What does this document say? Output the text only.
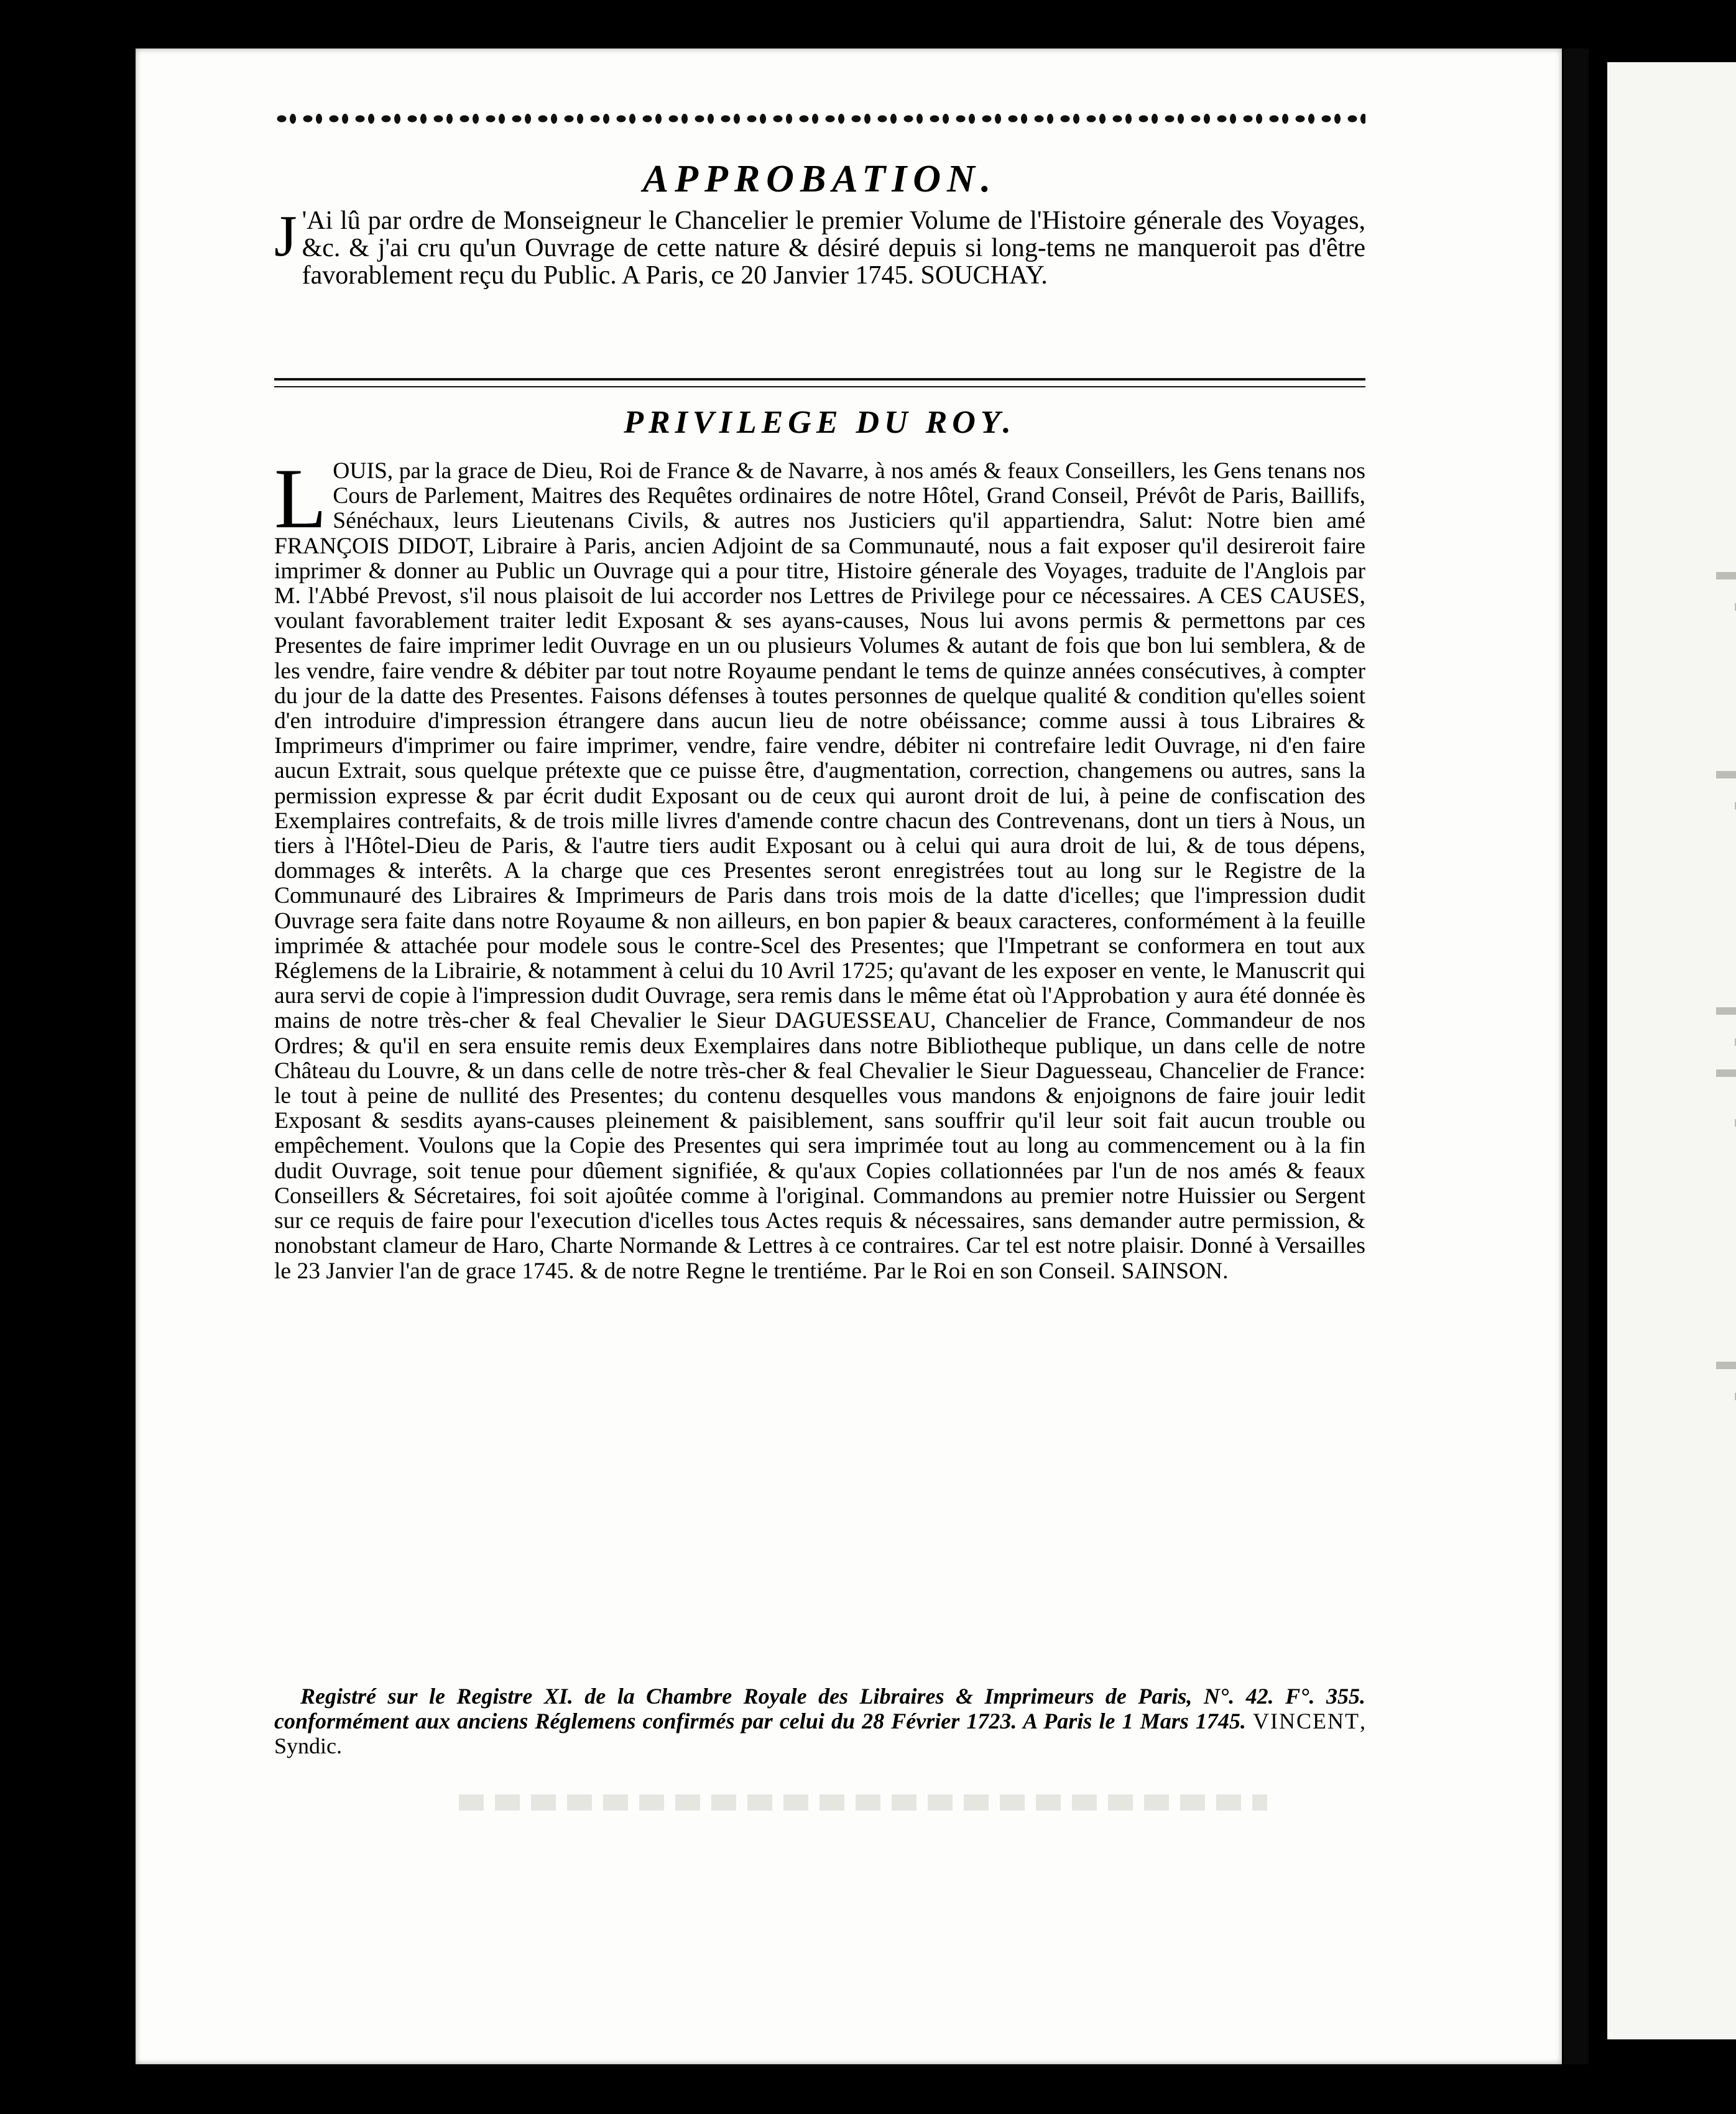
APPROBATION.
J 'Ai lû par ordre de Monseigneur le Chancelier le premier Volume de l'Histoire génerale des Voyages, &c. & j'ai cru qu'un Ouvrage de cette nature & désiré depuis si long-tems ne manqueroit pas d'être favorablement reçu du Public. A Paris, ce 20 Janvier 1745. SOUCHAY.
PRIVILEGE DU ROY.
L OUIS, par la grace de Dieu, Roi de France & de Navarre, à nos amés & feaux Conseillers, les Gens tenans nos Cours de Parlement, Maitres des Requêtes ordinaires de notre Hôtel, Grand Conseil, Prévôt de Paris, Baillifs, Sénéchaux, leurs Lieutenans Civils, & autres nos Justiciers qu'il appartiendra, Salut: Notre bien amé FRANÇOIS DIDOT, Libraire à Paris, ancien Adjoint de sa Communauté, nous a fait exposer qu'il desireroit faire imprimer & donner au Public un Ouvrage qui a pour titre, Histoire génerale des Voyages, traduite de l'Anglois par M. l'Abbé Prevost, s'il nous plaisoit de lui accorder nos Lettres de Privilege pour ce nécessaires. A CES CAUSES, voulant favorablement traiter ledit Exposant & ses ayans-causes, Nous lui avons permis & permettons par ces Presentes de faire imprimer ledit Ouvrage en un ou plusieurs Volumes & autant de fois que bon lui semblera, & de les vendre, faire vendre & débiter par tout notre Royaume pendant le tems de quinze années consécutives, à compter du jour de la datte des Presentes. Faisons défenses à toutes personnes de quelque qualité & condition qu'elles soient d'en introduire d'impression étrangere dans aucun lieu de notre obéissance; comme aussi à tous Libraires & Imprimeurs d'imprimer ou faire imprimer, vendre, faire vendre, débiter ni contrefaire ledit Ouvrage, ni d'en faire aucun Extrait, sous quelque prétexte que ce puisse être, d'augmentation, correction, changemens ou autres, sans la permission expresse & par écrit dudit Exposant ou de ceux qui auront droit de lui, à peine de confiscation des Exemplaires contrefaits, & de trois mille livres d'amende contre chacun des Contrevenans, dont un tiers à Nous, un tiers à l'Hôtel-Dieu de Paris, & l'autre tiers audit Exposant ou à celui qui aura droit de lui, & de tous dépens, dommages & interêts. A la charge que ces Presentes seront enregistrées tout au long sur le Registre de la Communauré des Libraires & Imprimeurs de Paris dans trois mois de la datte d'icelles; que l'impression dudit Ouvrage sera faite dans notre Royaume & non ailleurs, en bon papier & beaux caracteres, conformément à la feuille imprimée & attachée pour modele sous le contre-Scel des Presentes; que l'Impetrant se conformera en tout aux Réglemens de la Librairie, & notamment à celui du 10 Avril 1725; qu'avant de les exposer en vente, le Manuscrit qui aura servi de copie à l'impression dudit Ouvrage, sera remis dans le même état où l'Approbation y aura été donnée ès mains de notre très-cher & feal Chevalier le Sieur DAGUESSEAU, Chancelier de France, Commandeur de nos Ordres; & qu'il en sera ensuite remis deux Exemplaires dans notre Bibliotheque publique, un dans celle de notre Château du Louvre, & un dans celle de notre très-cher & feal Chevalier le Sieur Daguesseau, Chancelier de France: le tout à peine de nullité des Presentes; du contenu desquelles vous mandons & enjoignons de faire jouir ledit Exposant & sesdits ayans-causes pleinement & paisiblement, sans souffrir qu'il leur soit fait aucun trouble ou empêchement. Voulons que la Copie des Presentes qui sera imprimée tout au long au commencement ou à la fin dudit Ouvrage, soit tenue pour dûement signifiée, & qu'aux Copies collationnées par l'un de nos amés & feaux Conseillers & Sécretaires, foi soit ajoûtée comme à l'original. Commandons au premier notre Huissier ou Sergent sur ce requis de faire pour l'execution d'icelles tous Actes requis & nécessaires, sans demander autre permission, & nonobstant clameur de Haro, Charte Normande & Lettres à ce contraires. Car tel est notre plaisir. Donné à Versailles le 23 Janvier l'an de grace 1745. & de notre Regne le trentiéme. Par le Roi en son Conseil. SAINSON.
Registré sur le Registre XI. de la Chambre Royale des Libraires & Imprimeurs de Paris, N°. 42. F°. 355. conformément aux anciens Réglemens confirmés par celui du 28 Février 1723. A Paris le 1 Mars 1745. VINCENT, Syndic.
